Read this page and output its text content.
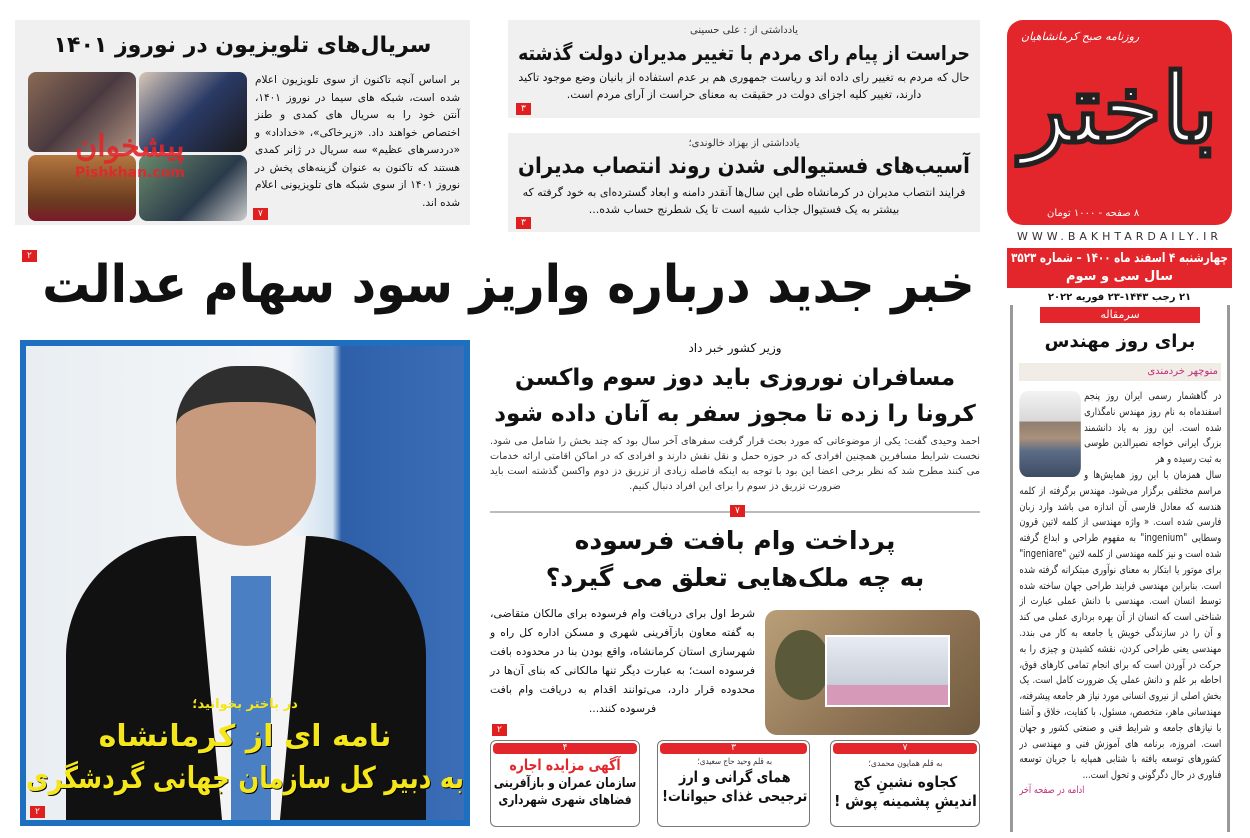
روزنامه صبح کرمانشاهیان
باختر
۸ صفحه - ۱۰۰۰ تومان
WWW.BAKHTARDAILY.IR
چهارشنبه ۴ اسفند ماه ۱۴۰۰ – شماره ۳۵۲۳
سال سی و سوم
۲۱ رجب ۱۴۴۳-۲۳ فوریه ۲۰۲۲
سرمقاله
برای روز مهندس
منوچهر خردمندی
در گاهشمار رسمی ایران روز پنجم اسفندماه به نام روز مهندس نامگذاری شده است. این روز به یاد دانشمند بزرگ ایرانی خواجه نصیرالدین طوسی به ثبت رسیده و هر
سال همزمان با این روز همایش‌ها و مراسم مختلفی برگزار می‌شود. مهندس برگرفته از کلمه هندسه که معادل فارسی آن اندازه می باشد وارد زبان فارسی شده است. « واژه مهندسی از کلمه لاتین قرون وسطایی "ingenium" به مفهوم طراحی و ابداع گرفته شده است و نیز کلمه مهندسی از کلمه لاتین "ingeniare" برای موتور یا ابتکار به معنای نوآوری مبتکرانه گرفته شده است. بنابراین مهندسی فرایند طراحی جهان ساخته شده توسط انسان است. مهندسی با دانش عملی عبارت از شناختی است که انسان از آن بهره برداری عملی می کند و آن را در سازندگی خویش یا جامعه به کار می بندد. مهندسی یعنی طراحی کردن، نقشه کشیدن و چیزی را به حرکت در آوردن است که برای انجام تمامی کارهای فوق، احاطه بر علم و دانش عملی یک ضرورت کامل است. یک بخش اصلی از نیروی انسانی مورد نیاز هر جامعه پیشرفته، مهندسانی ماهر، متخصص، مسئول، با کفایت، خلاق و آشنا با نیازهای جامعه و شرایط فنی و صنعتی کشور و جهان است. امروزه، برنامه های آموزش فنی و مهندسی در کشورهای توسعه یافته با شتابی همپایه با جریان توسعه فناوری در حال دگرگونی و تحول است...
ادامه در صفحه آخر
یادداشتی از : علی حسینی
حراست از پیام رای مردم با تغییر مدیران دولت گذشته
حال که مردم به تغییر رای داده اند و ریاست جمهوری هم بر عدم استفاده از بانیان وضع موجود تاکید دارند، تغییر کلیه اجزای دولت در حقیقت به معنای حراست از آرای مردم است.
۳
یادداشتی از بهزاد خالوندی؛
آسیب‌های فستیوالی شدن روند انتصاب مدیران
فرایند انتصاب مدیران در کرمانشاه طی این سال‌ها آنقدر دامنه و ابعاد گسترده‌ای به خود گرفته که بیشتر به یک فستیوال جذاب شبیه است تا یک شطرنج حساب شده...
۳
سریال‌های تلویزیون در نوروز ۱۴۰۱
بر اساس آنچه تاکنون از سوی تلویزیون اعلام شده است، شبکه های سیما در نوروز ۱۴۰۱، آنتن خود را به سریال های کمدی و طنز اختصاص خواهند داد. «زیرخاکی»، «خداداد» و «دردسرهای عظیم» سه سریال در ژانر کمدی هستند که تاکنون به عنوان گزینه‌های پخش در نوروز ۱۴۰۱ از سوی شبکه های تلویزیونی اعلام شده اند.
۷
پیشخوان
Pishkhan.com
خبر جدید درباره واریز سود سهام عدالت
۲
در باختر بخوانید؛
نامه ای از کرمانشاه
به دبیر کل سازمان جهانی گردشگری
۲
وزیر کشور خبر داد
مسافران نوروزی باید دوز سوم واکسن کرونا را زده تا مجوز سفر به آنان داده شود
احمد وحیدی گفت: یکی از موضوعاتی که مورد بحث قرار گرفت سفرهای آخر سال بود که چند بخش را شامل می شود. نخست شرایط مسافرین همچنین افرادی که در حوزه حمل و نقل نقش دارند و افرادی که در اماکن اقامتی ارائه خدمات می کنند مطرح شد که نظر برخی اعضا این بود با توجه به اینکه فاصله زیادی از تزریق دز دوم واکسن گذشته است باید ضرورت تزریق دز سوم را برای این افراد دنبال کنیم.
۷
پرداخت وام بافت فرسوده
به چه ملک‌هایی تعلق می گیرد؟
شرط اول برای دریافت وام فرسوده برای مالکان متقاضی، به گفته معاون بازآفرینی شهری و مسکن اداره کل راه و شهرسازی استان کرمانشاه، واقع بودن بنا در محدوده بافت فرسوده است؛ به عبارت دیگر تنها مالکانی که بنای آن‌ها در محدوده قرار دارد، می‌توانند اقدام به دریافت وام بافت فرسوده کنند...
۲
۴
آگهی مزایده اجاره
سازمان عمران و بازآفرینی فضاهای شهری شهرداری
۳
به قلم وحید حاج سعیدی؛
همای گرانی و ارز ترجیحی غذای حیوانات!
۷
به قلم همایون محمدی؛
کجاوه نشینِ کج اندیشِ پشمینه پوش !
